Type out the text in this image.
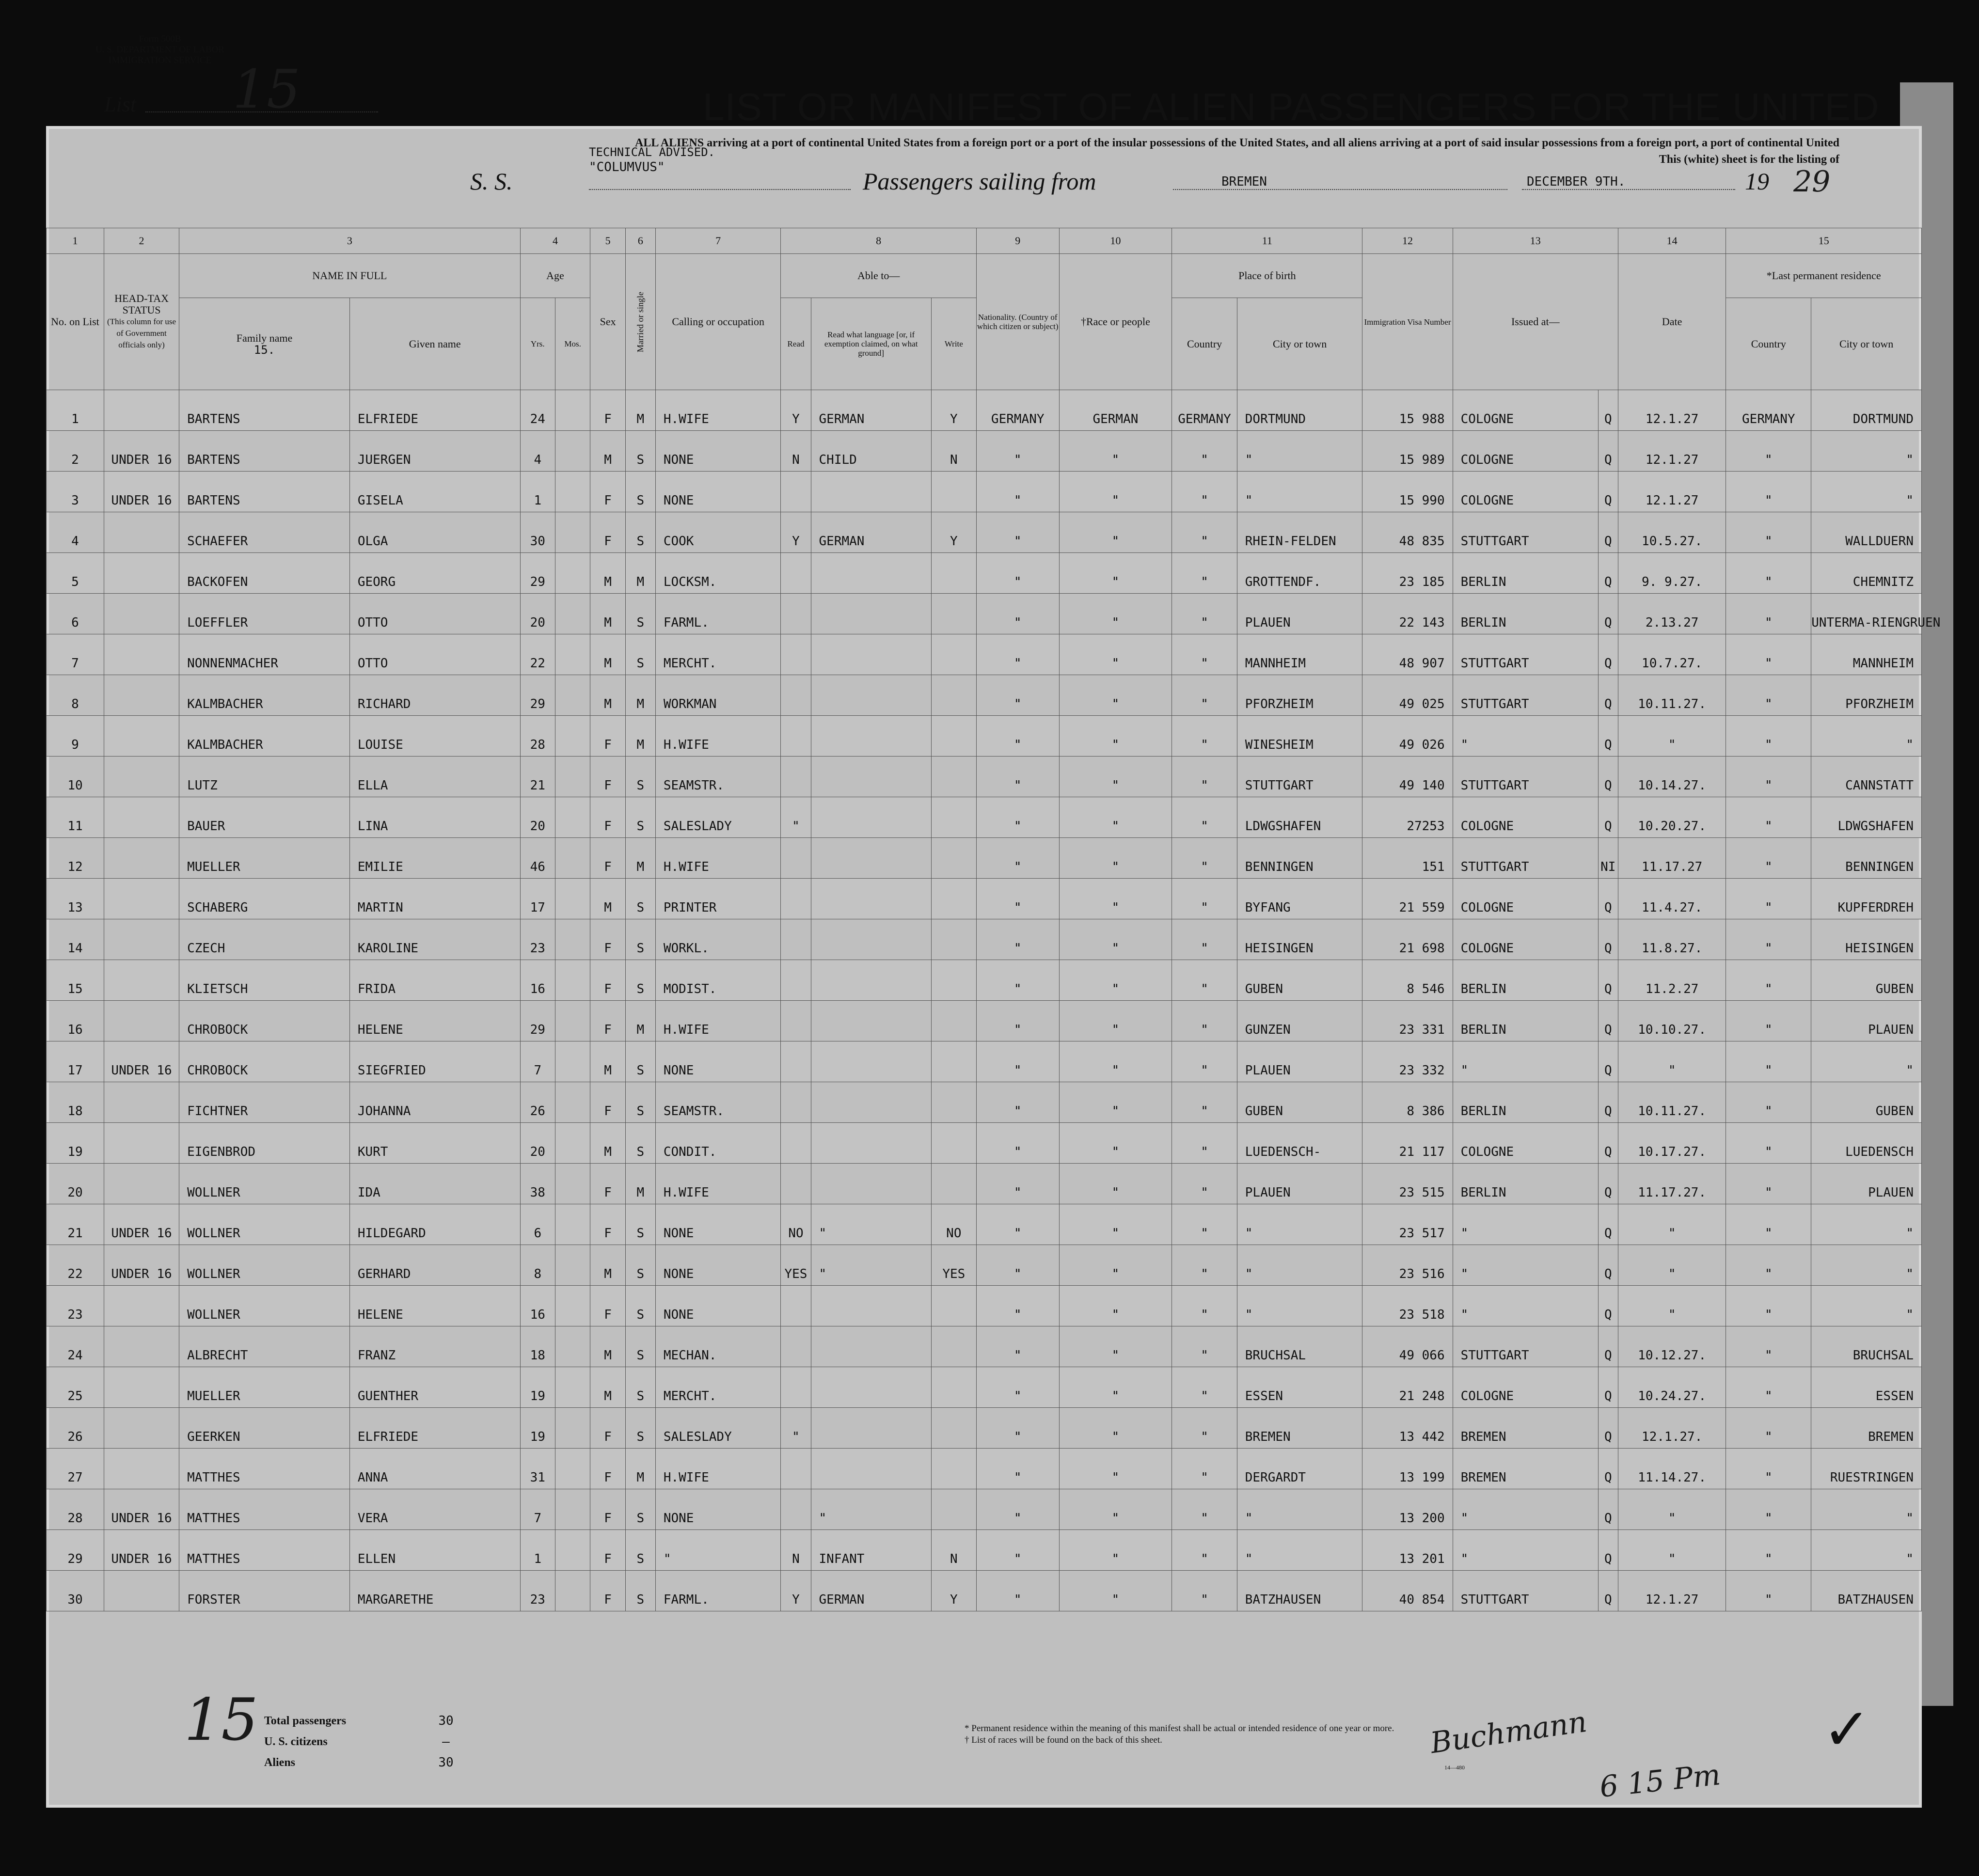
Form 500B
U. S. DEPARTMENT OF LABOR
IMMIGRATION SERVICE
List 15	LIST OR MANIFEST OF ALIEN PASSENGERS FOR THE UNITED
ALL ALIENS arriving at a port of continental United States from a foreign port or a port of the insular possessions of the United States, and all aliens arriving at a port of said insular possessions from a foreign port, a port of continental United
This (white) sheet is for the listing of
S. S.
TECHNICAL ADVISED.
"COLUMVUS"
Passengers sailing from	BREMEN	DECEMBER 9TH.	19 29
1	2	3		4		5	6	7	8			9	10	11		12	13		14	15	
No. on List	HEAD-TAX STATUS
(This column for use of Government officials only)	NAME IN FULL		Age		Sex	Married or single	Calling or occupation	Able to—			Nationality. (Country of which citizen or subject)	†Race or people	Place of birth		Immigration Visa Number	Issued at—		Date	*Last permanent residence	

		Family name
15.	Given name	Yrs.	Mos.				Read	Read what language [or, if exemption claimed, on what ground]	Write			Country	City or town					Country	City or town

1		BARTENS	ELFRIEDE	24		F	M	H.WIFE	Y	GERMAN	Y	GERMANY	GERMAN	GERMANY	DORTMUND	15 988	COLOGNE	Q	12.1.27	GERMANY	DORTMUND
2	UNDER 16	BARTENS	JUERGEN	4		M	S	NONE	N	CHILD	N	"	"	"	"	15 989	COLOGNE	Q	12.1.27	"	"
3	UNDER 16	BARTENS	GISELA	1		F	S	NONE				"	"	"	"	15 990	COLOGNE	Q	12.1.27	"	"
4		SCHAEFER	OLGA	30		F	S	COOK	Y	GERMAN	Y	"	"	"	RHEIN-FELDEN	48 835	STUTTGART	Q	10.5.27.	"	WALLDUERN
5		BACKOFEN	GEORG	29		M	M	LOCKSM.				"	"	"	GROTTENDF.	23 185	BERLIN	Q	9. 9.27.	"	CHEMNITZ
6		LOEFFLER	OTTO	20		M	S	FARML.				"	"	"	PLAUEN	22 143	BERLIN	Q	2.13.27	"	UNTERMA-RIENGRUEN
7		NONNENMACHER	OTTO	22		M	S	MERCHT.				"	"	"	MANNHEIM	48 907	STUTTGART	Q	10.7.27.	"	MANNHEIM
8		KALMBACHER	RICHARD	29		M	M	WORKMAN				"	"	"	PFORZHEIM	49 025	STUTTGART	Q	10.11.27.	"	PFORZHEIM
9		KALMBACHER	LOUISE	28		F	M	H.WIFE				"	"	"	WINESHEIM	49 026	"	Q	"	"	"
10		LUTZ	ELLA	21		F	S	SEAMSTR.				"	"	"	STUTTGART	49 140	STUTTGART	Q	10.14.27.	"	CANNSTATT
11		BAUER	LINA	20		F	S	SALESLADY	"			"	"	"	LDWGSHAFEN	27253	COLOGNE	Q	10.20.27.	"	LDWGSHAFEN
12		MUELLER	EMILIE	46		F	M	H.WIFE				"	"	"	BENNINGEN	151	STUTTGART	NI	11.17.27	"	BENNINGEN
13		SCHABERG	MARTIN	17		M	S	PRINTER				"	"	"	BYFANG	21 559	COLOGNE	Q	11.4.27.	"	KUPFERDREH
14		CZECH	KAROLINE	23		F	S	WORKL.				"	"	"	HEISINGEN	21 698	COLOGNE	Q	11.8.27.	"	HEISINGEN
15		KLIETSCH	FRIDA	16		F	S	MODIST.				"	"	"	GUBEN	8 546	BERLIN	Q	11.2.27	"	GUBEN
16		CHROBOCK	HELENE	29		F	M	H.WIFE				"	"	"	GUNZEN	23 331	BERLIN	Q	10.10.27.	"	PLAUEN
17	UNDER 16	CHROBOCK	SIEGFRIED	7		M	S	NONE				"	"	"	PLAUEN	23 332	"	Q	"	"	"
18		FICHTNER	JOHANNA	26		F	S	SEAMSTR.				"	"	"	GUBEN	8 386	BERLIN	Q	10.11.27.	"	GUBEN
19		EIGENBROD	KURT	20		M	S	CONDIT.				"	"	"	LUEDENSCH-	21 117	COLOGNE	Q	10.17.27.	"	LUEDENSCH
20		WOLLNER	IDA	38		F	M	H.WIFE				"	"	"	PLAUEN	23 515	BERLIN	Q	11.17.27.	"	PLAUEN
21	UNDER 16	WOLLNER	HILDEGARD	6		F	S	NONE	NO	"	NO	"	"	"	"	23 517	"	Q	"	"	"
22	UNDER 16	WOLLNER	GERHARD	8		M	S	NONE	YES	"	YES	"	"	"	"	23 516	"	Q	"	"	"
23		WOLLNER	HELENE	16		F	S	NONE				"	"	"	"	23 518	"	Q	"	"	"
24		ALBRECHT	FRANZ	18		M	S	MECHAN.				"	"	"	BRUCHSAL	49 066	STUTTGART	Q	10.12.27.	"	BRUCHSAL
25		MUELLER	GUENTHER	19		M	S	MERCHT.				"	"	"	ESSEN	21 248	COLOGNE	Q	10.24.27.	"	ESSEN
26		GEERKEN	ELFRIEDE	19		F	S	SALESLADY	"			"	"	"	BREMEN	13 442	BREMEN	Q	12.1.27.	"	BREMEN
27		MATTHES	ANNA	31		F	M	H.WIFE				"	"	"	DERGARDT	13 199	BREMEN	Q	11.14.27.	"	RUESTRINGEN
28	UNDER 16	MATTHES	VERA	7		F	S	NONE		"		"	"	"	"	13 200	"	Q	"	"	"
29	UNDER 16	MATTHES	ELLEN	1		F	S	"	N	INFANT	N	"	"	"	"	13 201	"	Q	"	"	"
30		FORSTER	MARGARETHE	23		F	S	FARML.	Y	GERMAN	Y	"	"	"	BATZHAUSEN	40 854	STUTTGART	Q	12.1.27	"	BATZHAUSEN
15 Total passengers
U. S. citizens
Aliens
30
–
30
* Permanent residence within the meaning of this manifest shall be actual or intended residence of one year or more.
† List of races will be found on the back of this sheet.
14—480
Buchmann
6 15 Pm
✓
